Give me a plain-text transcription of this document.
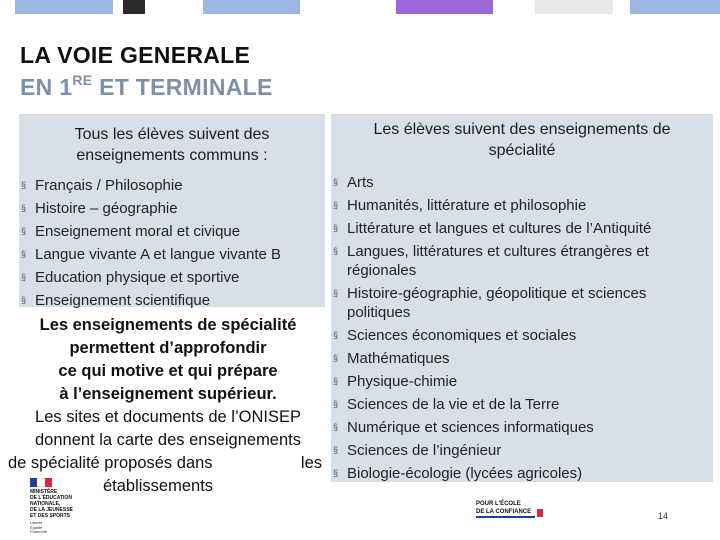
LA VOIE GENERALE
EN 1RE ET TERMINALE
Tous les élèves suivent des
enseignements communs :
§ Français / Philosophie
§ Histoire – géographie
§ Enseignement moral et civique
§ Langue vivante A et langue vivante B
§ Education physique et sportive
§ Enseignement scientifique
Les élèves suivent des enseignements de
spécialité
§ Arts
§ Humanités, littérature et philosophie
§ Littérature et langues et cultures de l’Antiquité
§ Langues, littératures et cultures étrangères et régionales
§ Histoire-géographie, géopolitique et sciences politiques
§ Sciences économiques et sociales
§ Mathématiques
§ Physique-chimie
§ Sciences de la vie et de la Terre
§ Numérique et sciences informatiques
§ Sciences de l’ingénieur
§ Biologie-écologie (lycées agricoles)
Les enseignements de spécialité
permettent d’approfondir
ce qui motive et qui prépare
à l’enseignement supérieur.
Les sites et documents de l’ONISEP
donnent la carte des enseignements
de spécialité proposés dans	les
établissements
MINISTÈRE
DE L'ÉDUCATION
NATIONALE,
DE LA JEUNESSE
ET DES SPORTS
Liberté
Égalité
Fraternité
POUR L'ÉCOLE
DE LA CONFIANCE	14
